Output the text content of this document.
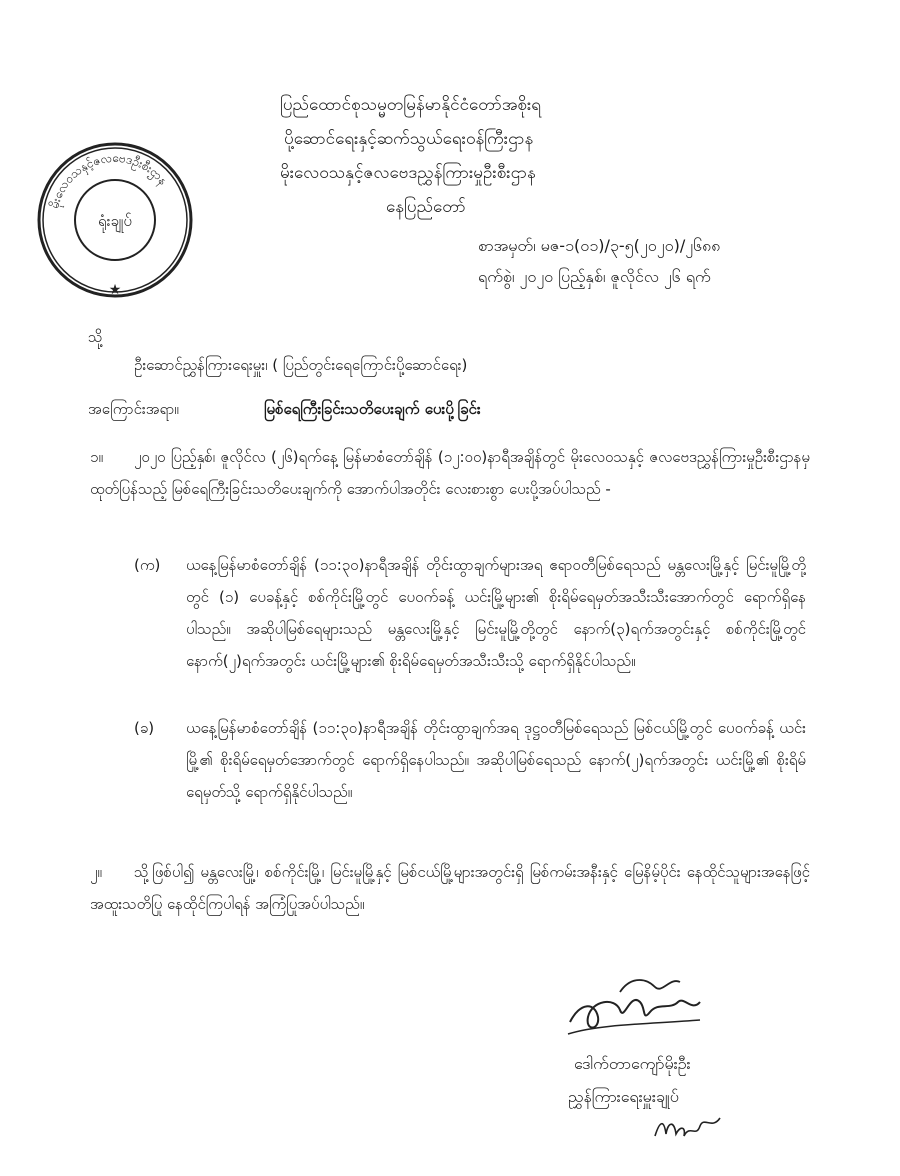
မိုးလေဝသနှင့်ဇလဗေဒဦးစီးဌာန
ရုံးချုပ်
★
ပြည်ထောင်စုသမ္မတမြန်မာနိုင်ငံတော်အစိုးရ
ပို့ဆောင်ရေးနှင့်ဆက်သွယ်ရေးဝန်ကြီးဌာန
မိုးလေဝသနှင့်ဇလဗေဒညွှန်ကြားမှုဦးစီးဌာန
နေပြည်တော်
စာအမှတ်၊ မဇ-၁(၀၁)/၃-၅(၂၀၂၀)/၂၆၈၈
ရက်စွဲ၊ ၂၀၂၀ ပြည့်နှစ်၊ ဇူလိုင်လ ၂၆ ရက်
သို့
ဦးဆောင်ညွှန်ကြားရေးမှူး၊ ( ပြည်တွင်းရေကြောင်းပို့ဆောင်ရေး)
အကြောင်းအရာ။	မြစ်ရေကြီးခြင်းသတိပေးချက် ပေးပို့ခြင်း
၁။	၂၀၂၀ ပြည့်နှစ်၊ ဇူလိုင်လ (၂၆)ရက်နေ့ မြန်မာစံတော်ချိန် (၁၂:၀၀)နာရီအချိန်တွင် မိုးလေဝသနှင့် ဇလဗေဒညွှန်ကြားမှုဦးစီးဌာနမှ ထုတ်ပြန်သည့် မြစ်ရေကြီးခြင်းသတိပေးချက်ကို အောက်ပါအတိုင်း လေးစားစွာ ပေးပို့အပ်ပါသည် -
(က) ယနေ့မြန်မာစံတော်ချိန် (၁၁:၃၀)နာရီအချိန် တိုင်းထွာချက်များအရ ဧရာဝတီမြစ်ရေသည် မန္တလေးမြို့နှင့် မြင်းမူမြို့တို့တွင် (၁) ပေခန့်နှင့် စစ်ကိုင်းမြို့တွင် ပေ၀က်ခန့် ယင်းမြို့များ၏ စိုးရိမ်ရေမှတ်အသီးသီးအောက်တွင် ရောက်ရှိနေပါသည်။ အဆိုပါမြစ်ရေများသည် မန္တလေးမြို့နှင့် မြင်းမူမြို့တို့တွင် နောက်(၃)ရက်အတွင်းနှင့် စစ်ကိုင်းမြို့တွင် နောက်(၂)ရက်အတွင်း ယင်းမြို့များ၏ စိုးရိမ်ရေမှတ်အသီးသီးသို့ ရောက်ရှိနိုင်ပါသည်။
(ခ) ယနေ့မြန်မာစံတော်ချိန် (၁၁:၃၀)နာရီအချိန် တိုင်းထွာချက်အရ ဒုဋ္ဌဝတီမြစ်ရေသည် မြစ်ငယ်မြို့တွင် ပေ၀က်ခန့် ယင်းမြို့၏ စိုးရိမ်ရေမှတ်အောက်တွင် ရောက်ရှိနေပါသည်။ အဆိုပါမြစ်ရေသည် နောက်(၂)ရက်အတွင်း ယင်းမြို့၏ စိုးရိမ်ရေမှတ်သို့ ရောက်ရှိနိုင်ပါသည်။
၂။	သို့ဖြစ်ပါ၍ မန္တလေးမြို့၊ စစ်ကိုင်းမြို့၊ မြင်းမူမြို့နှင့် မြစ်ငယ်မြို့များအတွင်းရှိ မြစ်ကမ်းအနီးနှင့် မြေနိမ့်ပိုင်း နေထိုင်သူများအနေဖြင့် အထူးသတိပြု နေထိုင်ကြပါရန် အကြံပြုအပ်ပါသည်။
ဒေါက်တာကျော်မိုးဦး
ညွှန်ကြားရေးမှူးချုပ်
